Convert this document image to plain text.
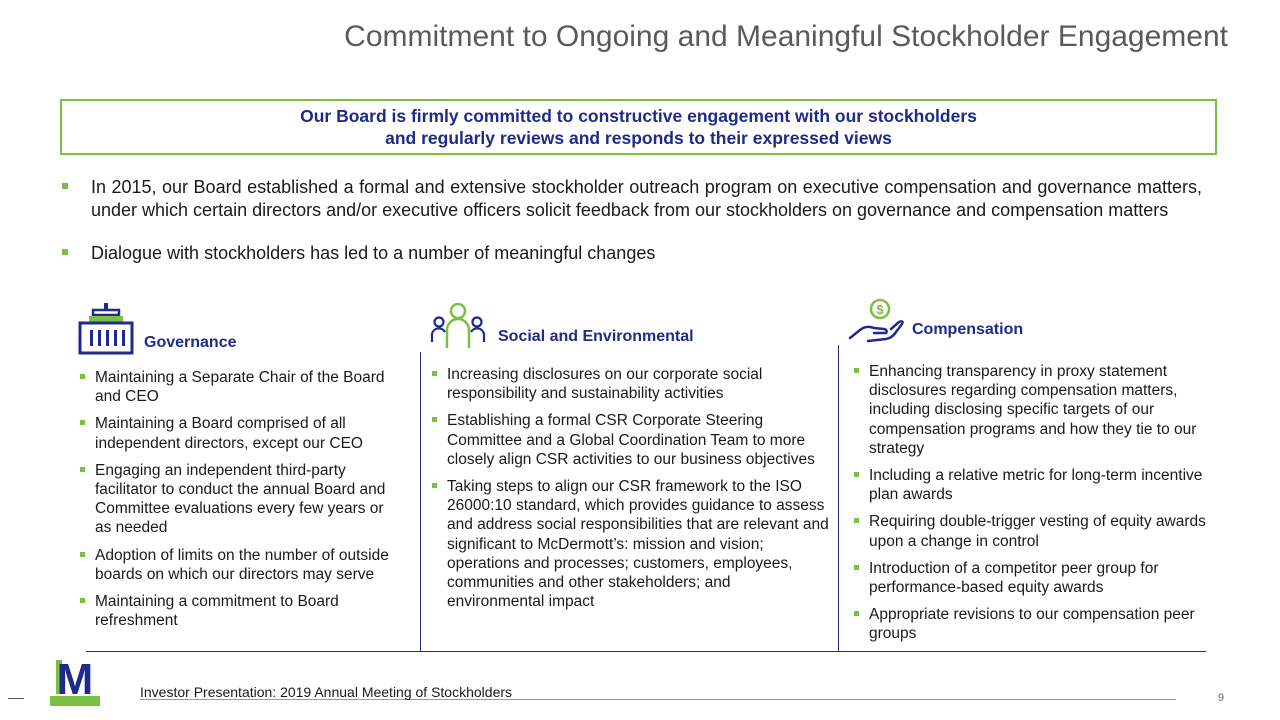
Commitment to Ongoing and Meaningful Stockholder Engagement
Our Board is firmly committed to constructive engagement with our stockholders
and regularly reviews and responds to their expressed views
In 2015, our Board established a formal and extensive stockholder outreach program on executive compensation and governance matters, under which certain directors and/or executive officers solicit feedback from our stockholders on governance and compensation matters
Dialogue with stockholders has led to a number of meaningful changes
Governance
Maintaining a Separate Chair of the Board and CEO
Maintaining a Board comprised of all independent directors, except our CEO
Engaging an independent third-party facilitator to conduct the annual Board and Committee evaluations every few years or as needed
Adoption of limits on the number of outside boards on which our directors may serve
Maintaining a commitment to Board refreshment
Social and Environmental
Increasing disclosures on our corporate social responsibility and sustainability activities
Establishing a formal CSR Corporate Steering Committee and a Global Coordination Team to more closely align CSR activities to our business objectives
Taking steps to align our CSR framework to the ISO 26000:10 standard, which provides guidance to assess and address social responsibilities that are relevant and significant to McDermott’s: mission and vision; operations and processes; customers, employees, communities and other stakeholders; and environmental impact
$
Compensation
Enhancing transparency in proxy statement disclosures regarding compensation matters, including disclosing specific targets of our compensation programs and how they tie to our strategy
Including a relative metric for long-term incentive plan awards
Requiring double-trigger vesting of equity awards upon a change in control
Introduction of a competitor peer group for performance-based equity awards
Appropriate revisions to our compensation peer groups
M	Investor Presentation: 2019 Annual Meeting of Stockholders	9
